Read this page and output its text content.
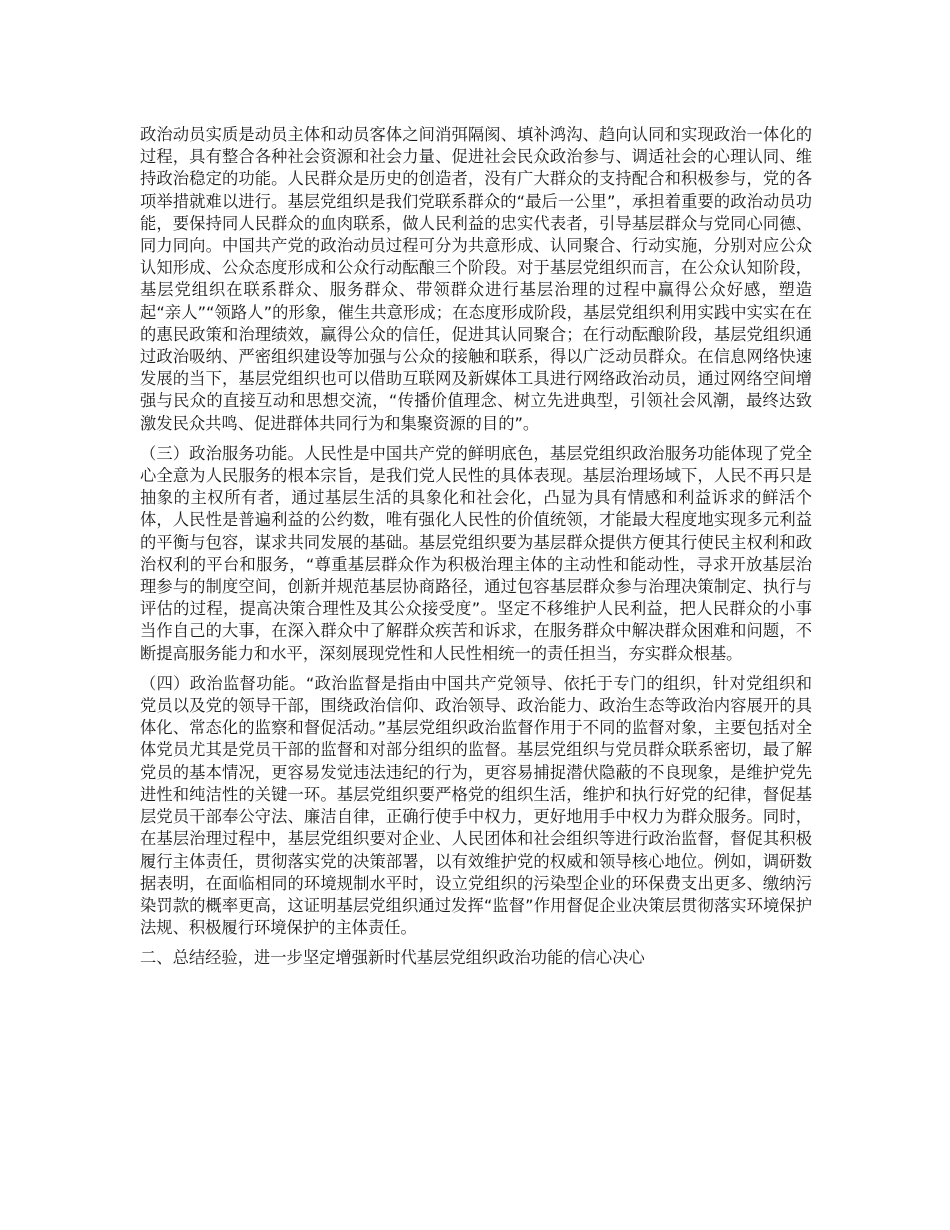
政治动员实质是动员主体和动员客体之间消弭隔阂、填补鸿沟、趋向认同和实现政治一体化的过程，具有整合各种社会资源和社会力量、促进社会民众政治参与、调适社会的心理认同、维持政治稳定的功能。人民群众是历史的创造者，没有广大群众的支持配合和积极参与，党的各项举措就难以进行。基层党组织是我们党联系群众的“最后一公里”，承担着重要的政治动员功能，要保持同人民群众的血肉联系，做人民利益的忠实代表者，引导基层群众与党同心同德、同力同向。中国共产党的政治动员过程可分为共意形成、认同聚合、行动实施，分别对应公众认知形成、公众态度形成和公众行动酝酿三个阶段。对于基层党组织而言，在公众认知阶段，基层党组织在联系群众、服务群众、带领群众进行基层治理的过程中赢得公众好感，塑造起“亲人”“领路人”的形象，催生共意形成；在态度形成阶段，基层党组织利用实践中实实在在的惠民政策和治理绩效，赢得公众的信任，促进其认同聚合；在行动酝酿阶段，基层党组织通过政治吸纳、严密组织建设等加强与公众的接触和联系，得以广泛动员群众。在信息网络快速发展的当下，基层党组织也可以借助互联网及新媒体工具进行网络政治动员，通过网络空间增强与民众的直接互动和思想交流，“传播价值理念、树立先进典型，引领社会风潮，最终达致激发民众共鸣、促进群体共同行为和集聚资源的目的”。

（三）政治服务功能。人民性是中国共产党的鲜明底色，基层党组织政治服务功能体现了党全心全意为人民服务的根本宗旨，是我们党人民性的具体表现。基层治理场域下，人民不再只是抽象的主权所有者，通过基层生活的具象化和社会化，凸显为具有情感和利益诉求的鲜活个体，人民性是普遍利益的公约数，唯有强化人民性的价值统领，才能最大程度地实现多元利益的平衡与包容，谋求共同发展的基础。基层党组织要为基层群众提供方便其行使民主权利和政治权利的平台和服务，“尊重基层群众作为积极治理主体的主动性和能动性，寻求开放基层治理参与的制度空间，创新并规范基层协商路径，通过包容基层群众参与治理决策制定、执行与评估的过程，提高决策合理性及其公众接受度”。坚定不移维护人民利益，把人民群众的小事当作自己的大事，在深入群众中了解群众疾苦和诉求，在服务群众中解决群众困难和问题，不断提高服务能力和水平，深刻展现党性和人民性相统一的责任担当，夯实群众根基。

（四）政治监督功能。“政治监督是指由中国共产党领导、依托于专门的组织，针对党组织和党员以及党的领导干部，围绕政治信仰、政治领导、政治能力、政治生态等政治内容展开的具体化、常态化的监察和督促活动。”基层党组织政治监督作用于不同的监督对象，主要包括对全体党员尤其是党员干部的监督和对部分组织的监督。基层党组织与党员群众联系密切，最了解党员的基本情况，更容易发觉违法违纪的行为，更容易捕捉潜伏隐蔽的不良现象，是维护党先进性和纯洁性的关键一环。基层党组织要严格党的组织生活，维护和执行好党的纪律，督促基层党员干部奉公守法、廉洁自律，正确行使手中权力，更好地用手中权力为群众服务。同时，在基层治理过程中，基层党组织要对企业、人民团体和社会组织等进行政治监督，督促其积极履行主体责任，贯彻落实党的决策部署，以有效维护党的权威和领导核心地位。例如，调研数据表明，在面临相同的环境规制水平时，设立党组织的污染型企业的环保费支出更多、缴纳污染罚款的概率更高，这证明基层党组织通过发挥“监督”作用督促企业决策层贯彻落实环境保护法规、积极履行环境保护的主体责任。

二、总结经验，进一步坚定增强新时代基层党组织政治功能的信心决心
